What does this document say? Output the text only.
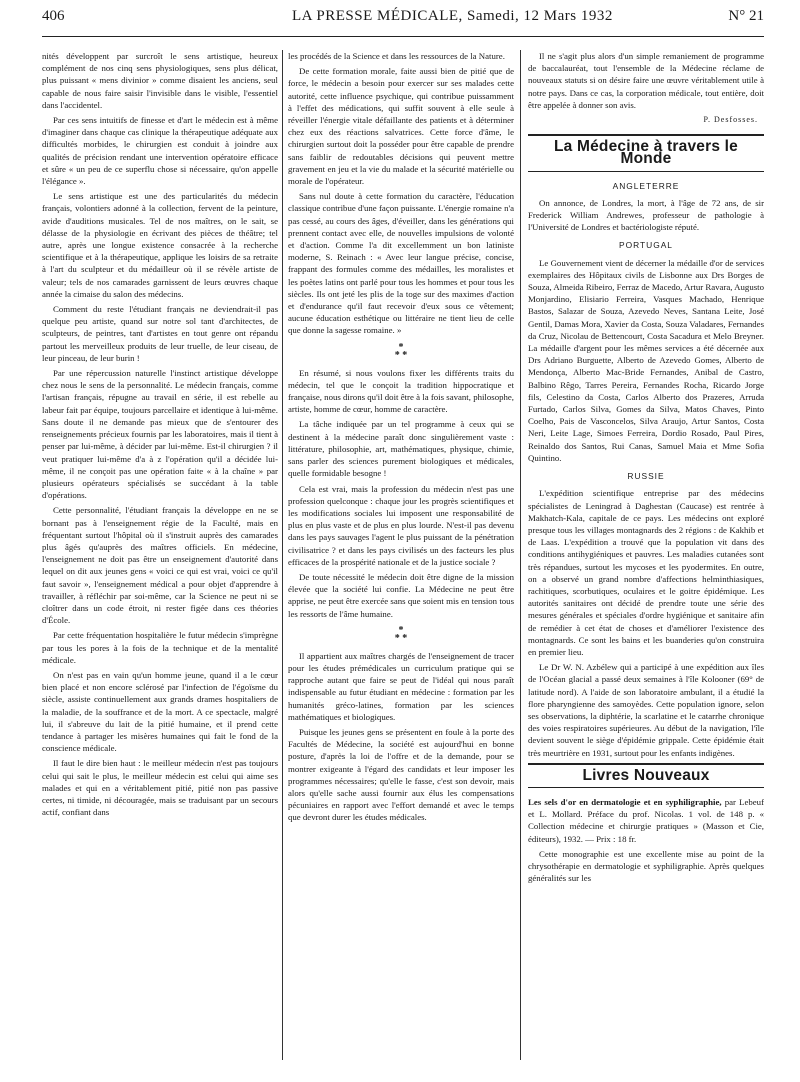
406	LA PRESSE MÉDICALE, Samedi, 12 Mars 1932	N° 21

nités développent par surcroît le sens artistique, heureux complément de nos cinq sens physiologiques, sens plus délicat, plus puissant « mens divinior » comme disaient les anciens, seul capable de nous faire saisir l'invisible dans le visible, l'essentiel dans l'accidentel.

Par ces sens intuitifs de finesse et d'art le médecin est à même d'imaginer dans chaque cas clinique la thérapeutique adéquate aux difficultés morbides, le chirurgien est conduit à joindre aux qualités de précision rendant une intervention opératoire efficace et sûre « un peu de ce superflu chose si nécessaire, qu'on appelle l'élégance ».

Le sens artistique est une des particularités du médecin français, volontiers adonné à la collection, fervent de la peinture, avide d'auditions musicales. Tel de nos maîtres, on le sait, se délasse de la physiologie en écrivant des pièces de théâtre; tel autre, après une longue existence consacrée à la recherche scientifique et à la thérapeutique, applique les loisirs de sa retraite à l'art du sculpteur et du médailleur où il se révèle artiste de valeur; tels de nos camarades garnissent de leurs œuvres chaque année la cimaise du salon des médecins.

Comment du reste l'étudiant français ne deviendrait-il pas quelque peu artiste, quand sur notre sol tant d'architectes, de sculpteurs, de peintres, tant d'artistes en tout genre ont répandu partout les merveilleux produits de leur truelle, de leur ciseau, de leur pinceau, de leur burin !

Par une répercussion naturelle l'instinct artistique développe chez nous le sens de la personnalité. Le médecin français, comme l'artisan français, répugne au travail en série, il est rebelle au labeur fait par équipe, toujours parcellaire et identique à lui-même. Sans doute il ne demande pas mieux que de s'entourer des renseignements précieux fournis par les laboratoires, mais il tient à penser par lui-même, à décider par lui-même. Est-il chirurgien ? il veut pratiquer lui-même d'a à z l'opération qu'il a décidée lui-même, il ne conçoit pas une opération faite « à la chaîne » par plusieurs opérateurs spécialisés se succédant à la table d'opérations.

Cette personnalité, l'étudiant français la développe en ne se bornant pas à l'enseignement régie de la Faculté, mais en fréquentant surtout l'hôpital où il s'instruit auprès des camarades plus âgés qu'auprès des maîtres officiels. En médecine, l'enseignement ne doit pas être un enseignement d'autorité dans lequel on dit aux jeunes gens « voici ce qui est vrai, voici ce qu'il faut savoir », l'enseignement médical a pour objet d'apprendre à travailler, à réfléchir par soi-même, car la Science ne peut ni se cloîtrer dans un code étroit, ni rester figée dans ces théories d'École.

Par cette fréquentation hospitalière le futur médecin s'imprègne par tous les pores à la fois de la technique et de la mentalité médicale.

On n'est pas en vain qu'un homme jeune, quand il a le cœur bien placé et non encore sclérosé par l'infection de l'égoïsme du siècle, assiste continuellement aux grands drames hospitaliers de la maladie, de la souffrance et de la mort. A ce spectacle, malgré lui, il s'abreuve du lait de la pitié humaine, et il prend cette tendance à partager les misères humaines qui fait le fond de la conscience médicale.

Il faut le dire bien haut : le meilleur médecin n'est pas toujours celui qui sait le plus, le meilleur médecin est celui qui aime ses malades et qui en a véritablement pitié, pitié non pas passive certes, ni timide, ni découragée, mais se traduisant par un secours actif, confiant dans

les procédés de la Science et dans les ressources de la Nature.

De cette formation morale, faite aussi bien de pitié que de force, le médecin a besoin pour exercer sur ses malades cette autorité, cette influence psychique, qui contribue puissamment à l'effet des médications, qui suffit souvent à elle seule à réveiller l'énergie vitale défaillante des patients et à déterminer chez eux des réactions salvatrices. Cette force d'âme, le chirurgien surtout doit la posséder pour être capable de prendre sans faiblir de redoutables décisions qui peuvent mettre gravement en jeu et la vie du malade et la sécurité matérielle ou morale de l'opérateur.

Sans nul doute à cette formation du caractère, l'éducation classique contribue d'une façon puissante. L'énergie romaine n'a pas cessé, au cours des âges, d'éveiller, dans les générations qui prennent contact avec elle, de nouvelles impulsions de volonté et d'action. Comme l'a dit excellemment un bon latiniste moderne, S. Reinach : « Avec leur langue précise, concise, frappant des formules comme des médailles, les moralistes et les poètes latins ont parlé pour tous les hommes et pour tous les siècles. Ils ont jeté les plis de la toge sur des maximes d'action et d'endurance qu'il faut recevoir d'eux sous ce vêtement; aucune éducation esthétique ou littéraire ne tient lieu de celle que donne la sagesse romaine. »

*
* *

En résumé, si nous voulons fixer les différents traits du médecin, tel que le conçoit la tradition hippocratique et française, nous dirons qu'il doit être à la fois savant, philosophe, artiste, homme de cœur, homme de caractère.

La tâche indiquée par un tel programme à ceux qui se destinent à la médecine paraît donc singulièrement vaste : littérature, philosophie, art, mathématiques, physique, chimie, sans parler des sciences purement biologiques et médicales, quelle formidable besogne !

Cela est vrai, mais la profession du médecin n'est pas une profession quelconque : chaque jour les progrès scientifiques et les modifications sociales lui imposent une responsabilité de plus en plus vaste et de plus en plus lourde. N'est-il pas devenu dans les pays sauvages l'agent le plus puissant de la pénétration civilisatrice ? et dans les pays civilisés un des facteurs les plus efficaces de la prospérité nationale et de la justice sociale ?

De toute nécessité le médecin doit être digne de la mission élevée que la société lui confie. La Médecine ne peut être apprise, ne peut être exercée sans que soient mis en tension tous les ressorts de l'âme humaine.

*
* *

Il appartient aux maîtres chargés de l'enseignement de tracer pour les études prémédicales un curriculum pratique qui se rapproche autant que faire se peut de l'idéal qui nous paraît indispensable au futur étudiant en médecine : formation par les humanités gréco-latines, formation par les sciences mathématiques et biologiques.

Puisque les jeunes gens se présentent en foule à la porte des Facultés de Médecine, la société est aujourd'hui en bonne posture, d'après la loi de l'offre et de la demande, pour se montrer exigeante à l'égard des candidats et leur imposer les programmes nécessaires; qu'elle le fasse, c'est son devoir, mais alors qu'elle sache aussi fournir aux élus les compensations pécuniaires en rapport avec l'effort demandé et avec le temps que devront durer les études médicales.

Il ne s'agit plus alors d'un simple remaniement de programme de baccalauréat, tout l'ensemble de la Médecine réclame de nouveaux statuts si on désire faire une œuvre véritablement utile à notre pays. Dans ce cas, la corporation médicale, tout entière, doit être appelée à donner son avis.

P. Desfosses.
La Médecine à travers le Monde
ANGLETERRE

On annonce, de Londres, la mort, à l'âge de 72 ans, de sir Frederick William Andrewes, professeur de pathologie à l'Université de Londres et bactériologiste réputé.

PORTUGAL

Le Gouvernement vient de décerner la médaille d'or de services exemplaires des Hôpitaux civils de Lisbonne aux Drs Borges de Souza, Almeida Ribeiro, Ferraz de Macedo, Artur Ravara, Augusto Monjardino, Elisiario Ferreira, Vasques Machado, Henrique Bastos, Salazar de Souza, Azevedo Neves, Santana Leite, José Gentil, Damas Mora, Xavier da Costa, Souza Valadares, Fernandes da Cruz, Nicolau de Bettencourt, Costa Sacadura et Melo Breyner. La médaille d'argent pour les mêmes services a été décernée aux Drs Adriano Burguette, Alberto de Azevedo Gomes, Alberto de Mendonça, Alberto Mac-Bride Fernandes, Anibal de Castro, Balbino Rêgo, Tarres Pereira, Fernandes Rocha, Ricardo Jorge fils, Celestino da Costa, Carlos Alberto dos Prazeres, Arruda Furtado, Carlos Silva, Gomes da Silva, Matos Chaves, Pinto Coelho, Pais de Vasconcelos, Silva Araujo, Artur Santos, Costa Neri, Leite Lage, Simoes Ferreira, Dordio Rosado, Paul Pires, Reinaldo dos Santos, Rui Canas, Samuel Maia et Mme Sofia Quintino.

RUSSIE

L'expédition scientifique entreprise par des médecins spécialistes de Leningrad à Daghestan (Caucase) est rentrée à Makhatch-Kala, capitale de ce pays. Les médecins ont exploré presque tous les villages montagnards des 2 régions : de Kakhib et de Laas. L'expédition a trouvé que la population vit dans des conditions antihygiéniques et pauvres. Les maladies cutanées sont très répandues, surtout les mycoses et les pyodermites. En outre, on a observé un grand nombre d'affections helminthiasiques, rachitiques, scorbutiques, oculaires et le goitre épidémique. Les autorités sanitaires ont décidé de prendre toute une série des mesures générales et spéciales d'ordre hygiénique et sanitaire afin de remédier à cet état de choses et d'améliorer l'existence des montagnards. Ce sont les bains et les buanderies qu'on construira en premier lieu.

Le Dr W. N. Azbélew qui a participé à une expédition aux îles de l'Océan glacial a passé deux semaines à l'île Kolooner (69° de latitude nord). A l'aide de son laboratoire ambulant, il a étudié la flore pharyngienne des samoyèdes. Cette population ignore, selon ses observations, la diphtérie, la scarlatine et le catarrhe chronique des voies respiratoires supérieures. Au début de la navigation, l'île devient souvent le siège d'épidémie grippale. Cette épidémie était très meurtrière en 1931, surtout pour les enfants indigènes.

Livres Nouveaux

Les sels d'or en dermatologie et en syphiligraphie, par Lebeuf et L. Mollard. Préface du prof. Nicolas. 1 vol. de 148 p. « Collection médecine et chirurgie pratiques » (Masson et Cie, éditeurs), 1932. — Prix : 18 fr.

Cette monographie est une excellente mise au point de la chrysothérapie en dermatologie et syphiligraphie. Après quelques généralités sur les
